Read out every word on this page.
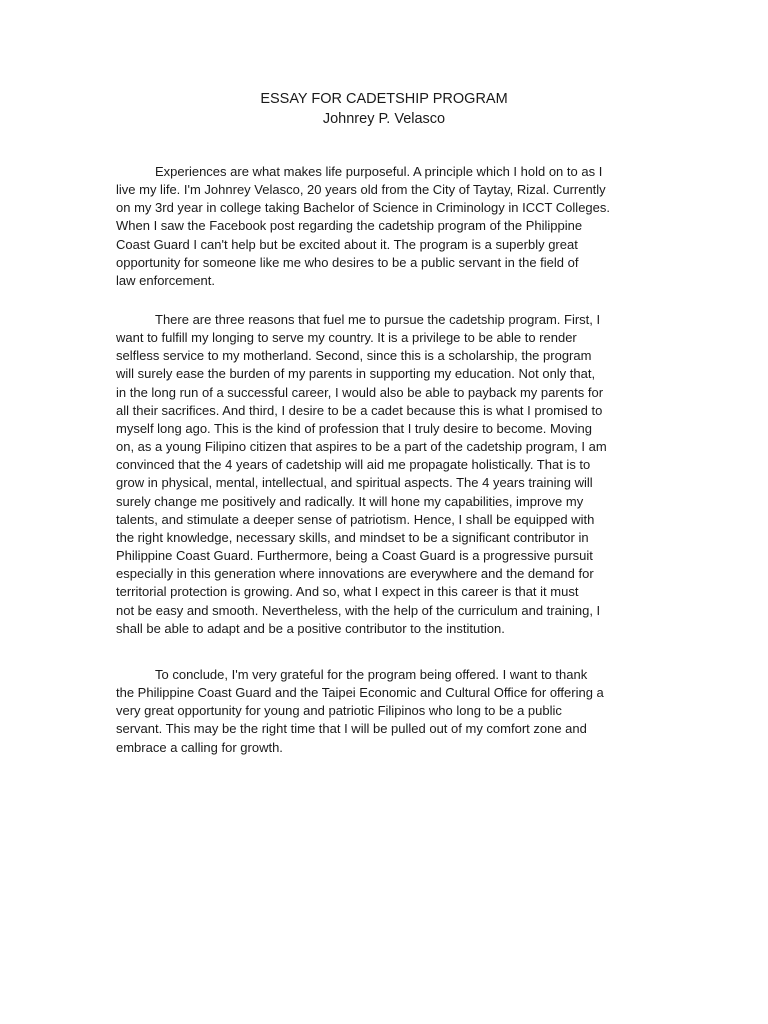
ESSAY FOR CADETSHIP PROGRAM
Johnrey P. Velasco

Experiences are what makes life purposeful. A principle which I hold on to as I
live my life. I'm Johnrey Velasco, 20 years old from the City of Taytay, Rizal. Currently
on my 3rd year in college taking Bachelor of Science in Criminology in ICCT Colleges.
When I saw the Facebook post regarding the cadetship program of the Philippine
Coast Guard I can't help but be excited about it. The program is a superbly great
opportunity for someone like me who desires to be a public servant in the field of
law enforcement.

There are three reasons that fuel me to pursue the cadetship program. First, I
want to fulfill my longing to serve my country. It is a privilege to be able to render
selfless service to my motherland. Second, since this is a scholarship, the program
will surely ease the burden of my parents in supporting my education. Not only that,
in the long run of a successful career, I would also be able to payback my parents for
all their sacrifices. And third, I desire to be a cadet because this is what I promised to
myself long ago. This is the kind of profession that I truly desire to become. Moving
on, as a young Filipino citizen that aspires to be a part of the cadetship program, I am
convinced that the 4 years of cadetship will aid me propagate holistically. That is to
grow in physical, mental, intellectual, and spiritual aspects. The 4 years training will
surely change me positively and radically. It will hone my capabilities, improve my
talents, and stimulate a deeper sense of patriotism. Hence, I shall be equipped with
the right knowledge, necessary skills, and mindset to be a significant contributor in
Philippine Coast Guard. Furthermore, being a Coast Guard is a progressive pursuit
especially in this generation where innovations are everywhere and the demand for
territorial protection is growing. And so, what I expect in this career is that it must
not be easy and smooth. Nevertheless, with the help of the curriculum and training, I
shall be able to adapt and be a positive contributor to the institution.

To conclude, I'm very grateful for the program being offered. I want to thank
the Philippine Coast Guard and the Taipei Economic and Cultural Office for offering a
very great opportunity for young and patriotic Filipinos who long to be a public
servant. This may be the right time that I will be pulled out of my comfort zone and
embrace a calling for growth.
